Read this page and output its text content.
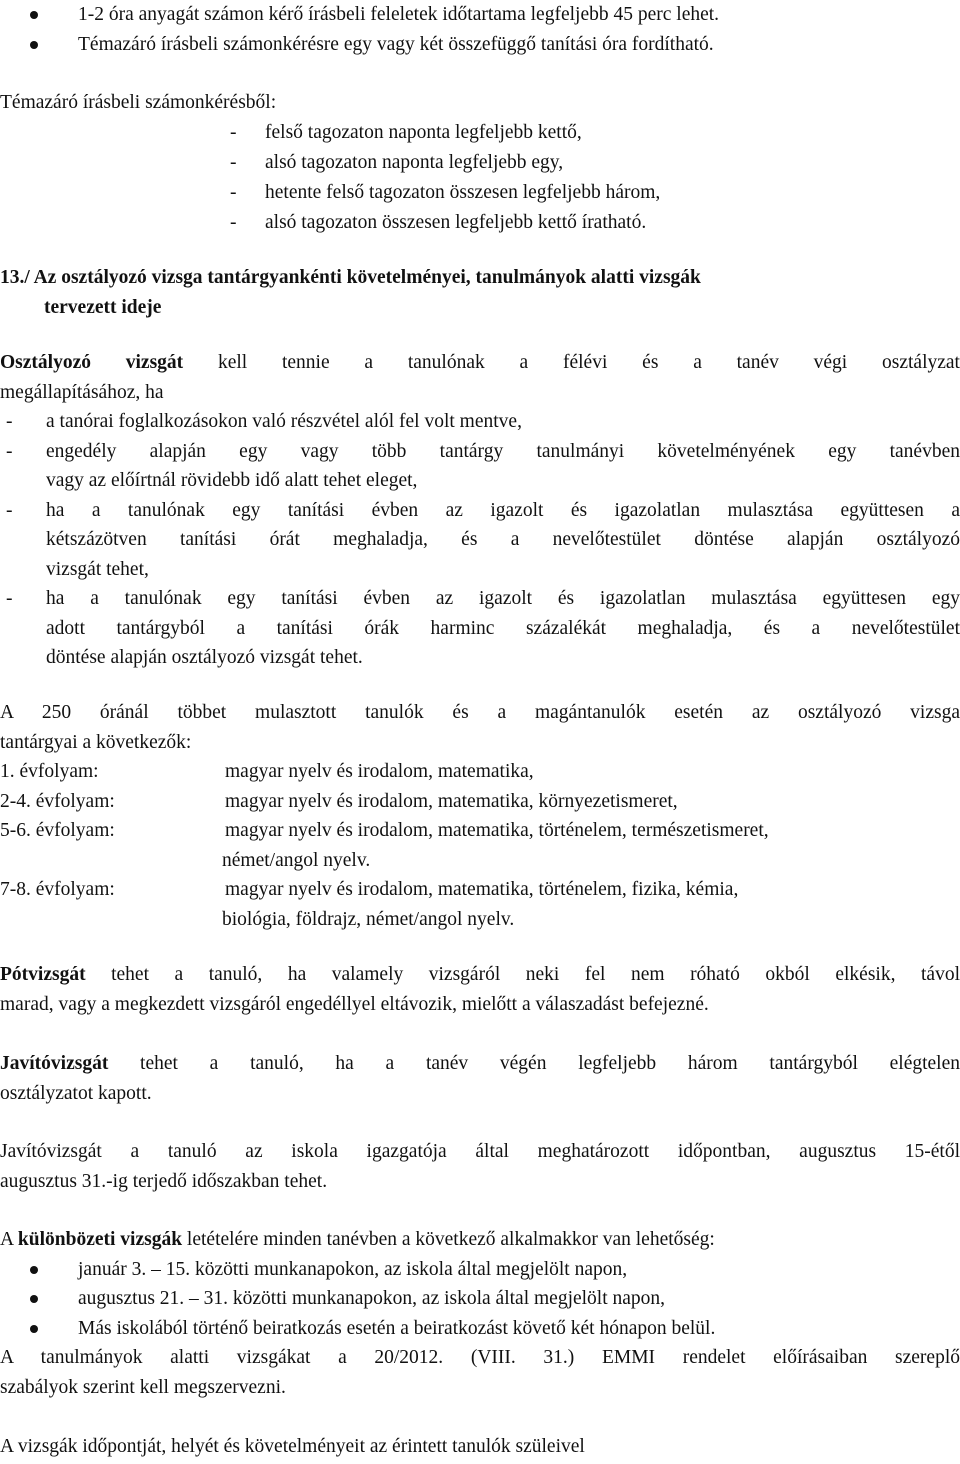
1-2 óra anyagát számon kérő írásbeli feleletek időtartama legfeljebb 45 perc lehet.
Témazáró írásbeli számonkérésre egy vagy két összefüggő tanítási óra fordítható.
Témazáró írásbeli számonkérésből:
- felső tagozaton naponta legfeljebb kettő,
- alsó tagozaton naponta legfeljebb egy,
- hetente felső tagozaton összesen legfeljebb három,
- alsó tagozaton összesen legfeljebb kettő íratható.
13./ Az osztályozó vizsga tantárgyankénti követelményei, tanulmányok alatti vizsgák
tervezett ideje
Osztályozó vizsgát kell tennie a tanulónak a félévi és a tanév végi osztályzat
megállapításához, ha
- a tanórai foglalkozásokon való részvétel alól fel volt mentve,
- engedély alapján egy vagy több tantárgy tanulmányi követelményének egy tanévben
vagy az előírtnál rövidebb idő alatt tehet eleget,
- ha a tanulónak egy tanítási évben az igazolt és igazolatlan mulasztása együttesen a
kétszázötven tanítási órát meghaladja, és a nevelőtestület döntése alapján osztályozó
vizsgát tehet,
- ha a tanulónak egy tanítási évben az igazolt és igazolatlan mulasztása együttesen egy
adott tantárgyból a tanítási órák harminc százalékát meghaladja, és a nevelőtestület
döntése alapján osztályozó vizsgát tehet.
A 250 óránál többet mulasztott tanulók és a magántanulók esetén az osztályozó vizsga
tantárgyai a következők:
1. évfolyam:	magyar nyelv és irodalom, matematika,
2-4. évfolyam:	magyar nyelv és irodalom, matematika, környezetismeret,
5-6. évfolyam:	magyar nyelv és irodalom, matematika, történelem, természetismeret,
német/angol nyelv.
7-8. évfolyam:	magyar nyelv és irodalom, matematika, történelem, fizika, kémia,
biológia, földrajz, német/angol nyelv.
Pótvizsgát tehet a tanuló, ha valamely vizsgáról neki fel nem róható okból elkésik, távol
marad, vagy a megkezdett vizsgáról engedéllyel eltávozik, mielőtt a válaszadást befejezné.
Javítóvizsgát tehet a tanuló, ha a tanév végén legfeljebb három tantárgyból elégtelen
osztályzatot kapott.
Javítóvizsgát a tanuló az iskola igazgatója által meghatározott időpontban, augusztus 15-étől
augusztus 31.-ig terjedő időszakban tehet.
A különbözeti vizsgák letételére minden tanévben a következő alkalmakkor van lehetőség:
január 3. – 15. közötti munkanapokon, az iskola által megjelölt napon,
augusztus 21. – 31. közötti munkanapokon, az iskola által megjelölt napon,
Más iskolából történő beiratkozás esetén a beiratkozást követő két hónapon belül.
A tanulmányok alatti vizsgákat a 20/2012. (VIII. 31.) EMMI rendelet előírásaiban szereplő
szabályok szerint kell megszervezni.
A vizsgák időpontját, helyét és követelményeit az érintett tanulók szüleivel
